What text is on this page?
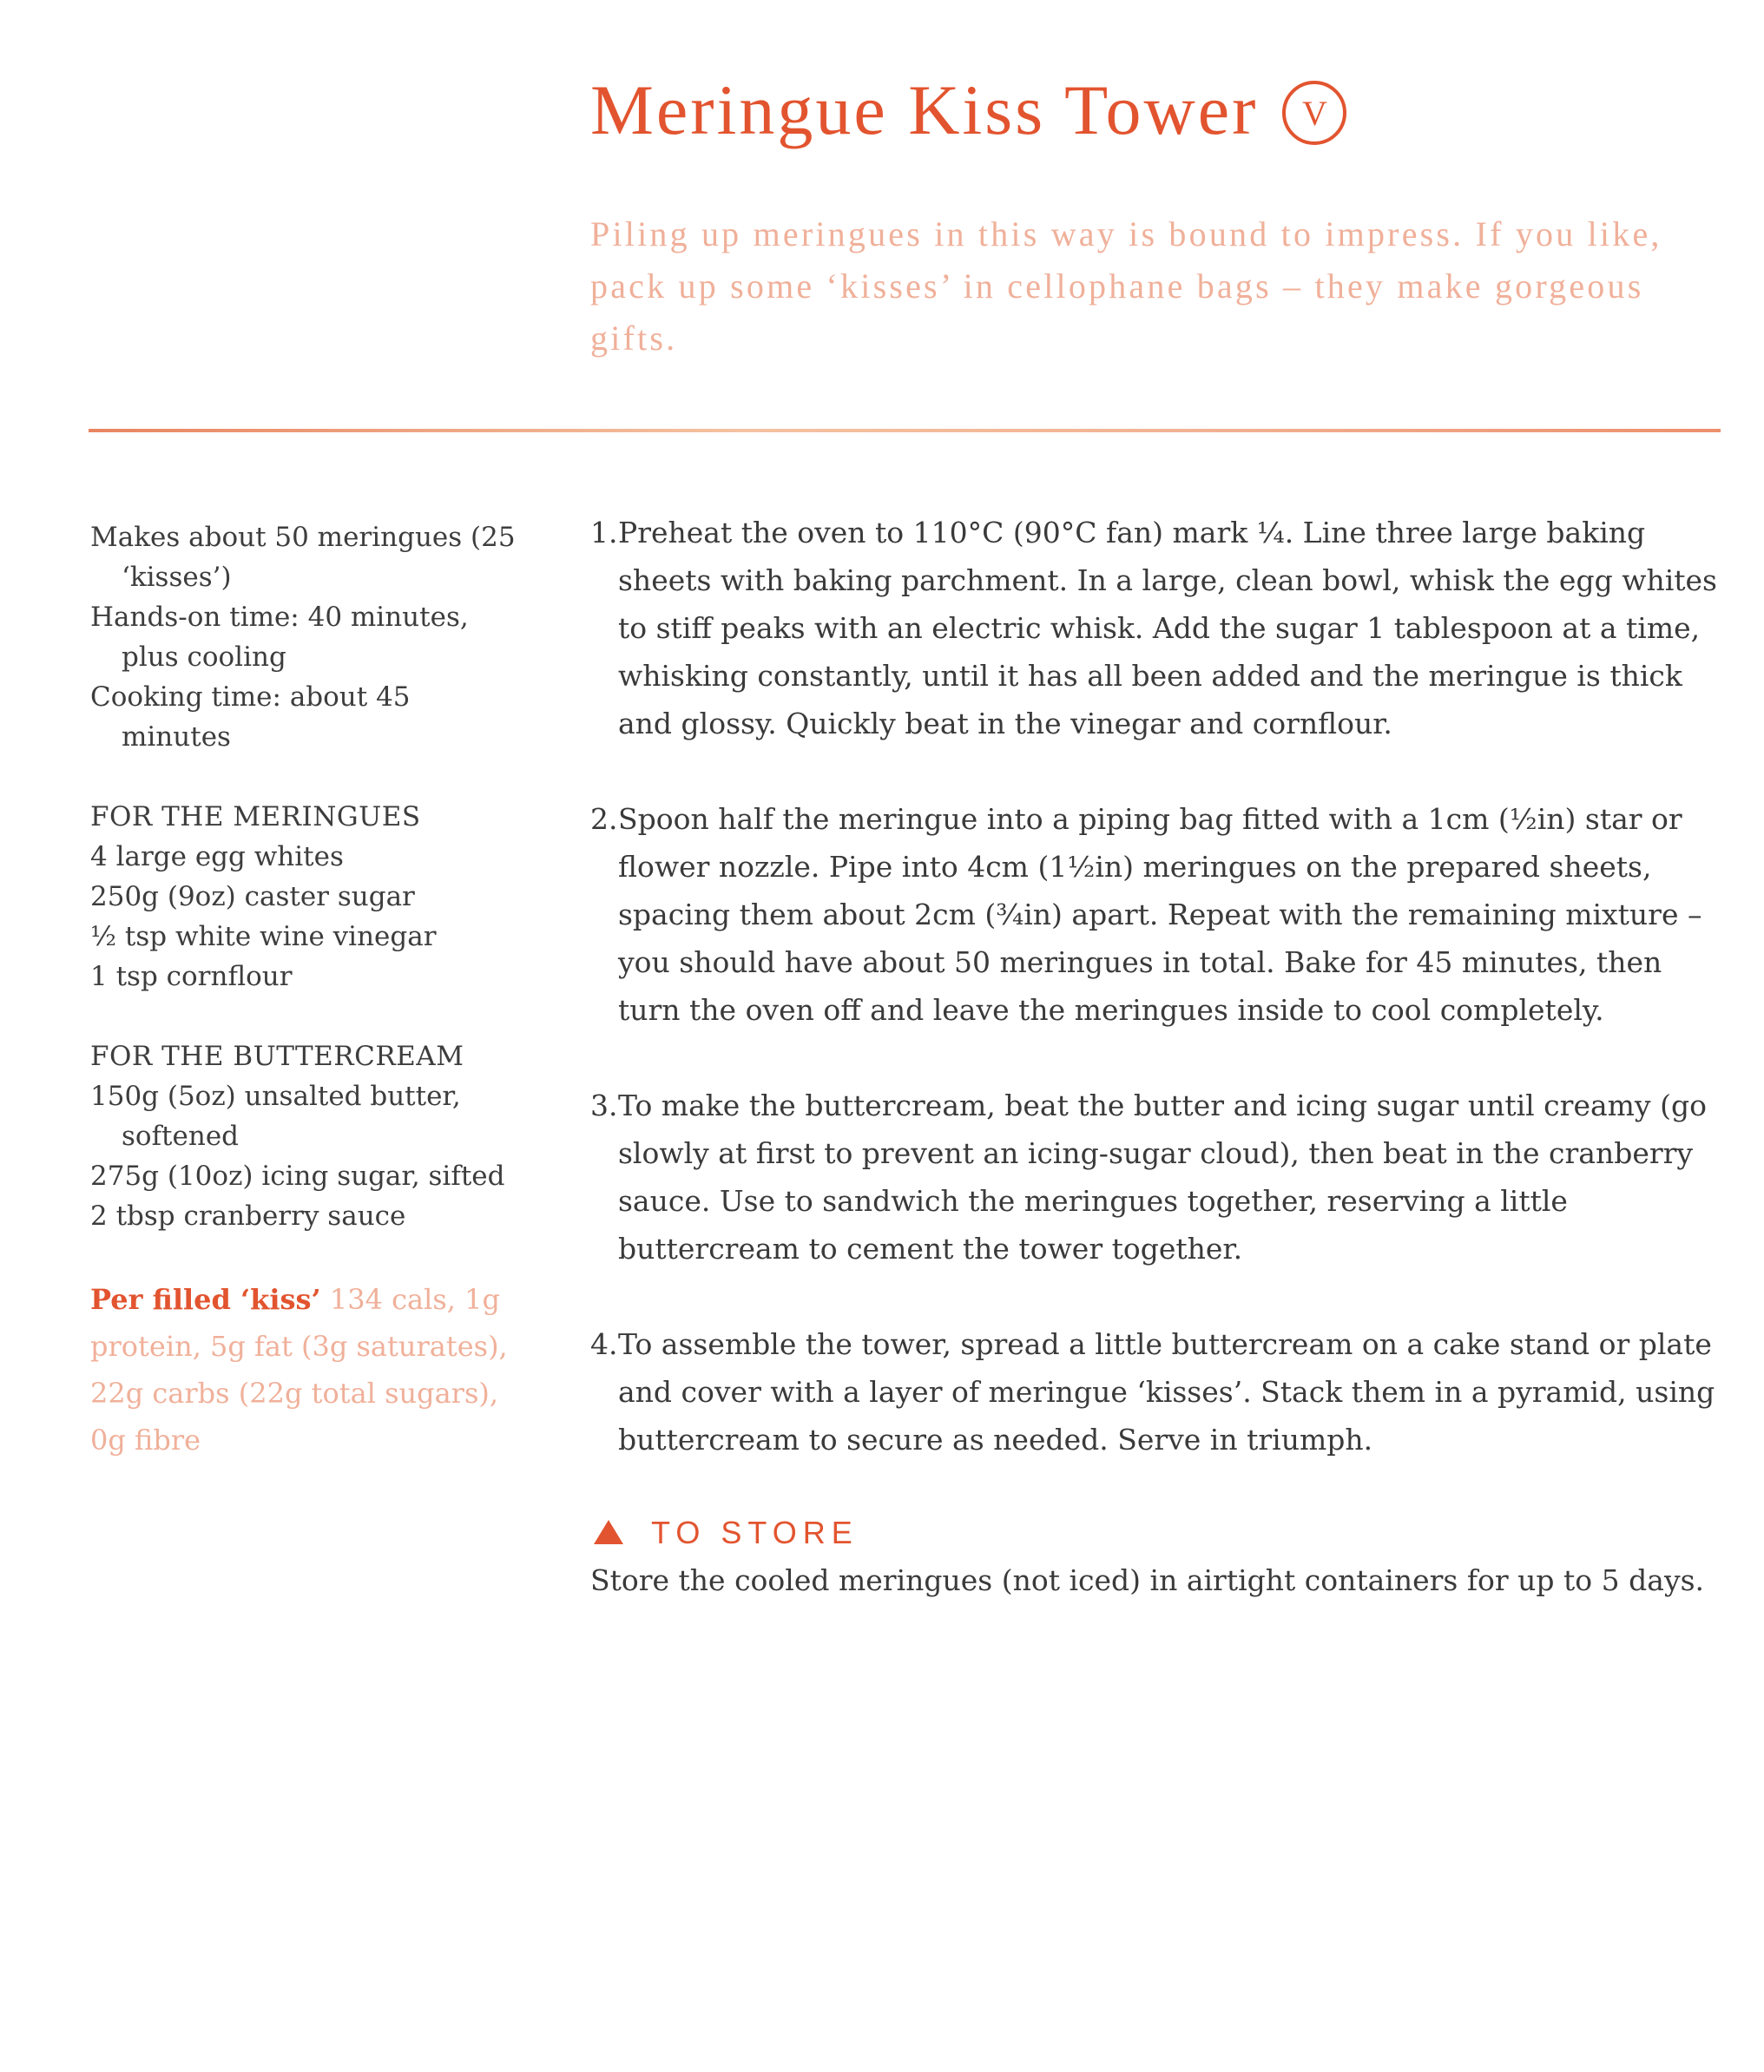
Meringue Kiss Tower	V
Piling up meringues in this way is bound to impress. If you like, pack up some ‘kisses’ in cellophane bags – they make gorgeous gifts.

Makes about 50 meringues (25 ‘kisses’)

Hands-on time: 40 minutes, plus cooling

Cooking time: about 45 minutes

FOR THE MERINGUES

4 large egg whites

250g (9oz) caster sugar

½ tsp white wine vinegar

1 tsp cornflour

FOR THE BUTTERCREAM

150g (5oz) unsalted butter, softened

275g (10oz) icing sugar, sifted

2 tbsp cranberry sauce

Per filled ‘kiss’ 134 cals, 1g protein, 5g fat (3g saturates), 22g carbs (22g total sugars), 0g fibre
1. Preheat the oven to 110°C (90°C fan) mark ¼. Line three large baking sheets with baking parchment. In a large, clean bowl, whisk the egg whites to stiff peaks with an electric whisk. Add the sugar 1 tablespoon at a time, whisking constantly, until it has all been added and the meringue is thick and glossy. Quickly beat in the vinegar and cornflour.
2. Spoon half the meringue into a piping bag fitted with a 1cm (½in) star or flower nozzle. Pipe into 4cm (1½in) meringues on the prepared sheets, spacing them about 2cm (¾in) apart. Repeat with the remaining mixture – you should have about 50 meringues in total. Bake for 45 minutes, then turn the oven off and leave the meringues inside to cool completely.
3. To make the buttercream, beat the butter and icing sugar until creamy (go slowly at first to prevent an icing-sugar cloud), then beat in the cranberry sauce. Use to sandwich the meringues together, reserving a little buttercream to cement the tower together.
4. To assemble the tower, spread a little buttercream on a cake stand or plate and cover with a layer of meringue ‘kisses’. Stack them in a pyramid, using buttercream to secure as needed. Serve in triumph.
TO STORE
Store the cooled meringues (not iced) in airtight containers for up to 5 days.
